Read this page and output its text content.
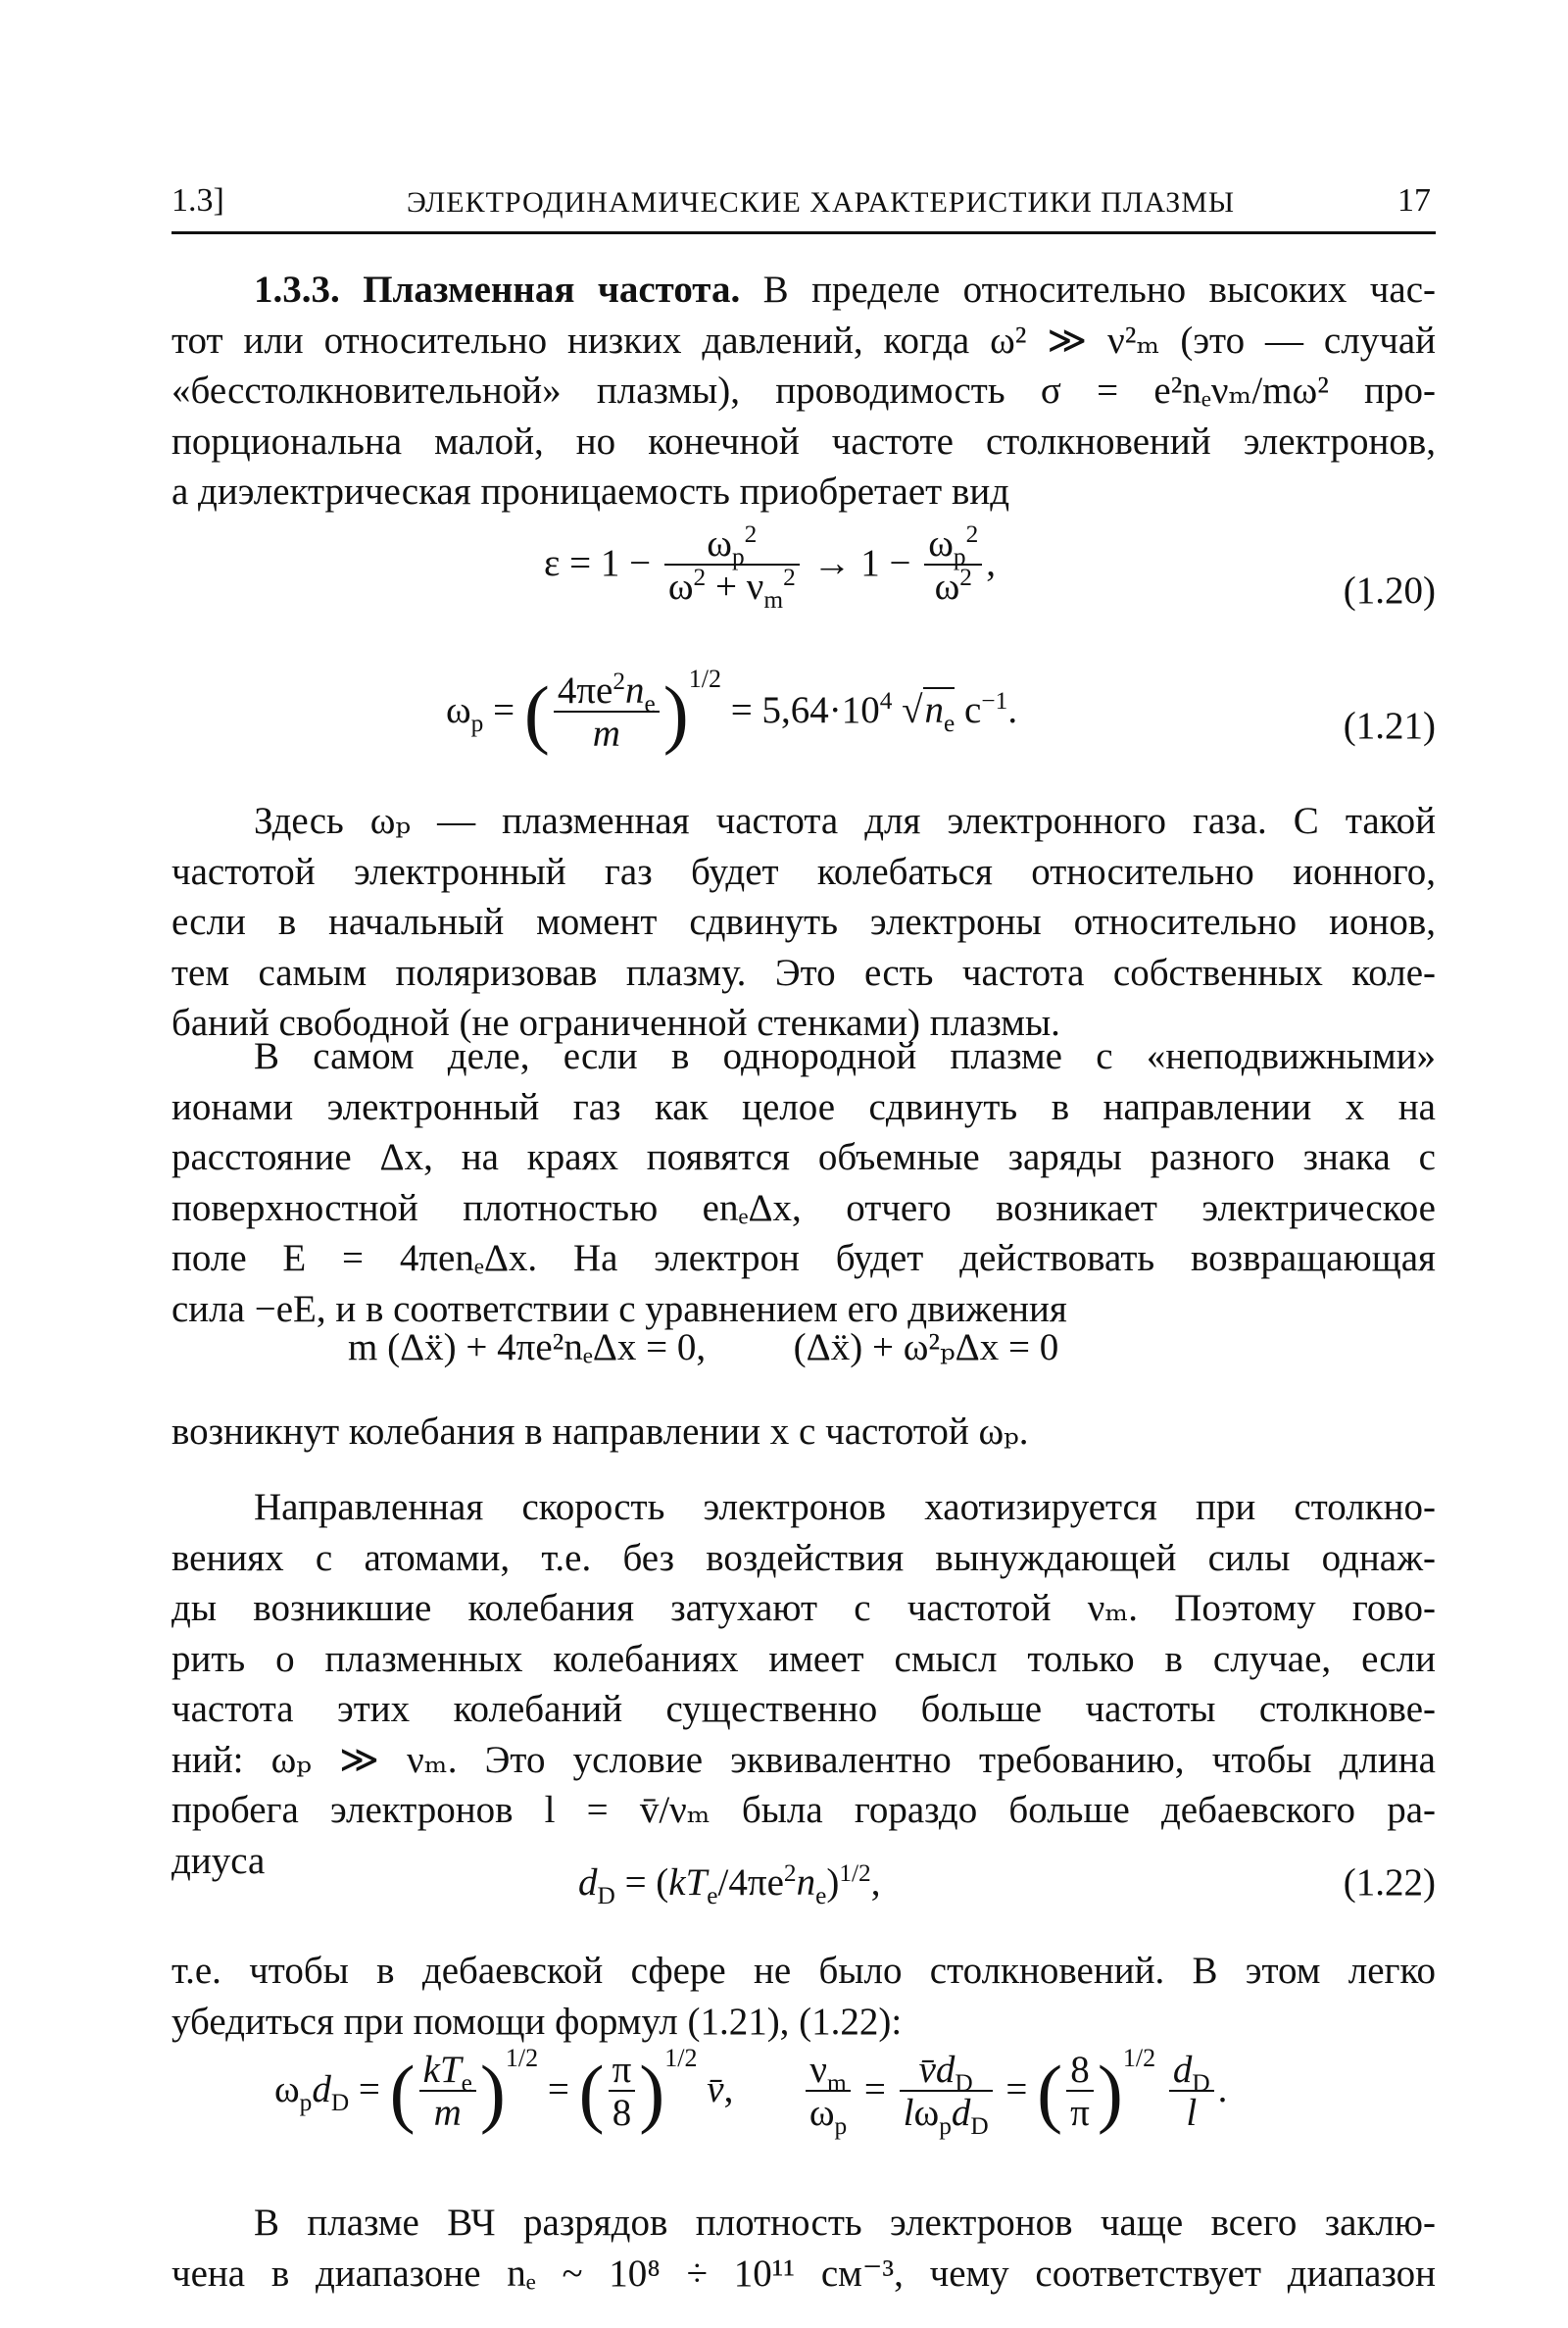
1.3]	ЭЛЕКТРОДИНАМИЧЕСКИЕ ХАРАКТЕРИСТИКИ ПЛАЗМЫ	17
1.3.3. Плазменная частота. В пределе относительно высоких час-
тот или относительно низких давлений, когда ω² ≫ ν²ₘ (это — случай
«бесстолкновительной» плазмы), проводимость σ = e²nₑνₘ/mω² про-
порциональна малой, но конечной частоте столкновений электронов,
а диэлектрическая проницаемость приобретает вид
$\varepsilon = 1 - \frac{\omega_p^2}{\omega^2 + \nu_m^2} \to 1 - \frac{\omega_p^2}{\omega^2}$ ,
(1.20)
$\omega_p$ = ( $\frac{4\pi e^2n_e}{m} )^{1/2} = 5,64\cdot 10^4$ $√n_e$ $c^{-1}$.	(1.21)
Здесь ωₚ — плазменная частота для электронного газа. С такой
частотой электронный газ будет колебаться относительно ионного,
если в начальный момент сдвинуть электроны относительно ионов,
тем самым поляризовав плазму. Это есть частота собственных коле-
баний свободной (не ограниченной стенками) плазмы.
В самом деле, если в однородной плазме с «неподвижными»
ионами электронный газ как целое сдвинуть в направлении x на
расстояние Δx, на краях появятся объемные заряды разного знака с
поверхностной плотностью enₑΔx, отчего возникает электрическое
поле E = 4πenₑΔx. На электрон будет действовать возвращающая
сила −eE, и в соответствии с уравнением его движения
m (Δẍ) + 4πe²nₑΔx = 0, (Δẍ) + ω²ₚΔx = 0
возникнут колебания в направлении x с частотой ωₚ.
Направленная скорость электронов хаотизируется при столкно-
вениях с атомами, т.е. без воздействия вынуждающей силы однаж-
ды возникшие колебания затухают с частотой νₘ. Поэтому гово-
рить о плазменных колебаниях имеет смысл только в случае, если
частота этих колебаний существенно больше частоты столкнове-
ний: ωₚ ≫ νₘ. Это условие эквивалентно требованию, чтобы длина
пробега электронов l = v̄/νₘ была гораздо больше дебаевского ра-
диуса
$d_D = (kT_e/4\pi e^2n_e)^{1/2}$,	(1.22)
т.е. чтобы в дебаевской сфере не было столкновений. В этом легко
убедиться при помощи формул (1.21), (1.22):
$\omega_pd_D$ = ( $\frac{kT_e}{m} )^{1/2}$ = ( $\frac{\pi}{8} )^{1/2}$ v̄, $\frac{\nu_m}{\omega_p} = \frac{v̄d_D}{l\omega_pd_D}$ = ( $\frac{8}{\pi} )^{1/2} \frac{d_D}{l}$ .
В плазме ВЧ разрядов плотность электронов чаще всего заклю-
чена в диапазоне nₑ ~ 10⁸ ÷ 10¹¹ см⁻³, чему соответствует диапазон
